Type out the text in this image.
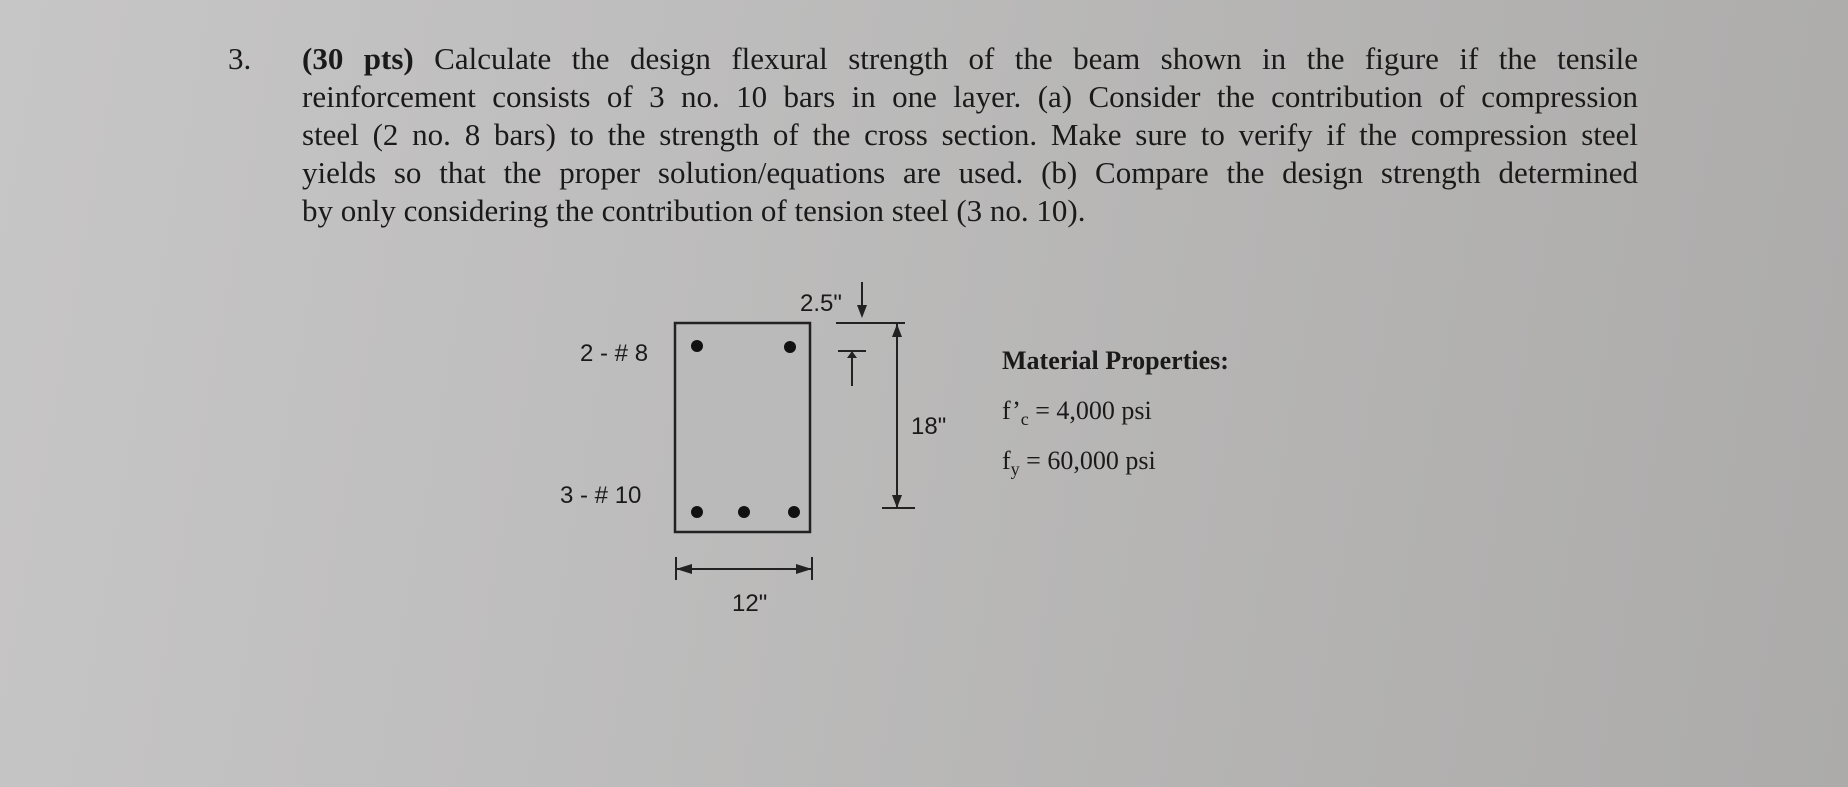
3. (30 pts) Calculate the design flexural strength of the beam shown in the figure if the tensile
reinforcement consists of 3 no. 10 bars in one layer. (a) Consider the contribution of compression
steel (2 no. 8 bars) to the strength of the cross section. Make sure to verify if the compression steel
yields so that the proper solution/equations are used. (b) Compare the design strength determined
by only considering the contribution of tension steel (3 no. 10).
2 - # 8
3 - # 10
2.5"
18"
12"
Material Properties:
$f’_c = 4,000$ psi
$f_y = 60,000$ psi
